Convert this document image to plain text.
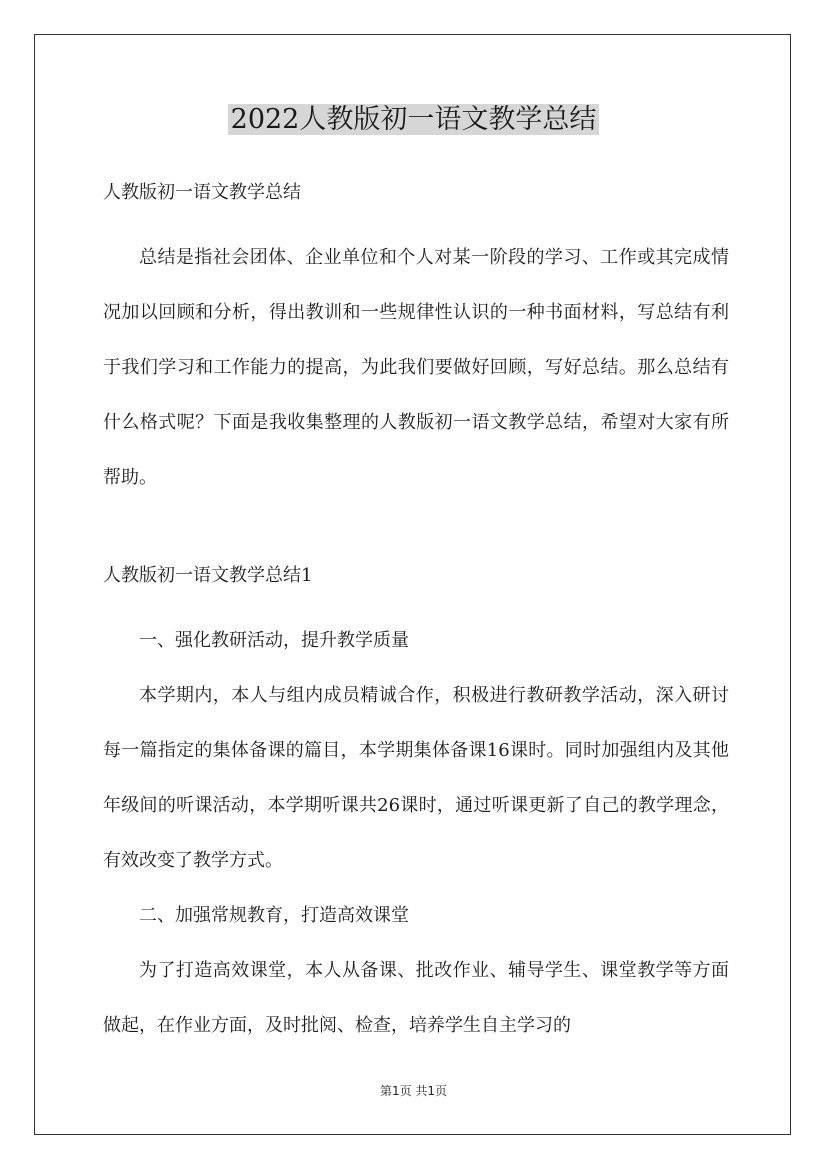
2022人教版初一语文教学总结

人教版初一语文教学总结

总结是指社会团体、企业单位和个人对某一阶段的学习、工作或其完成情况加以回顾和分析，得出教训和一些规律性认识的一种书面材料，写总结有利于我们学习和工作能力的提高，为此我们要做好回顾，写好总结。那么总结有什么格式呢？下面是我收集整理的人教版初一语文教学总结，希望对大家有所帮助。

人教版初一语文教学总结1

一、强化教研活动，提升教学质量

本学期内，本人与组内成员精诚合作，积极进行教研教学活动，深入研讨每一篇指定的集体备课的篇目，本学期集体备课16课时。同时加强组内及其他年级间的听课活动，本学期听课共26课时，通过听课更新了自己的教学理念，有效改变了教学方式。

二、加强常规教育，打造高效课堂

为了打造高效课堂，本人从备课、批改作业、辅导学生、课堂教学等方面做起，在作业方面，及时批阅、检查，培养学生自主学习的

第1页 共1页
